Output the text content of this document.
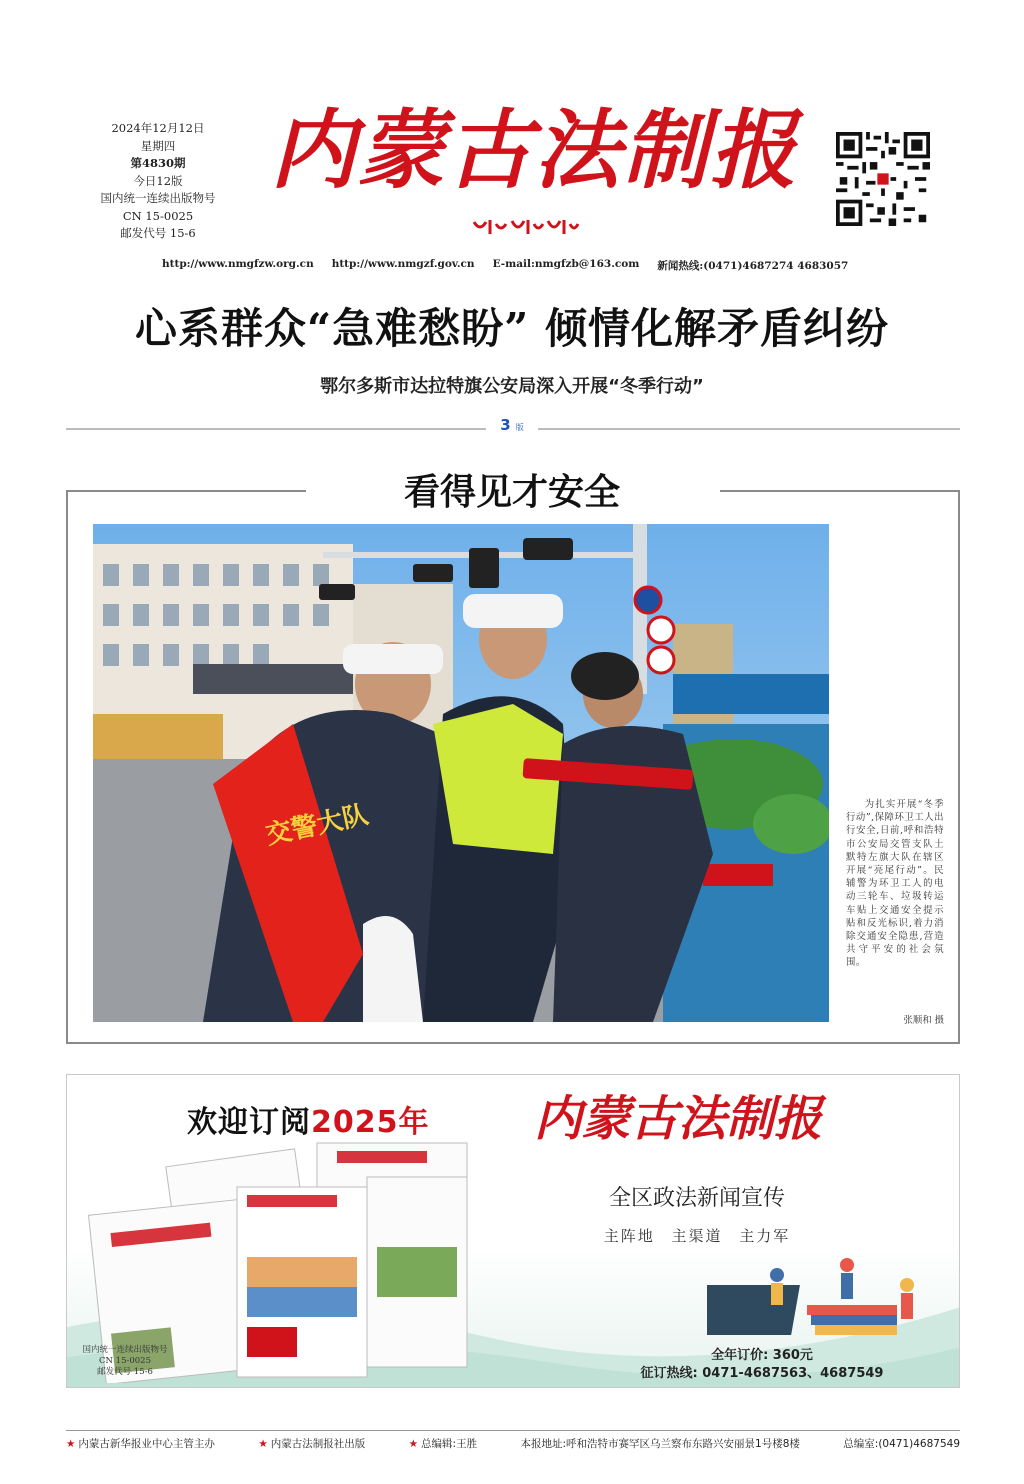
2024年12月12日
星期四
第4830期
今日12版
国内统一连续出版物号
CN 15-0025
邮发代号 15-6
内蒙古法制报
http://www.nmgfzw.org.cn http://www.nmgzf.gov.cn E-mail:nmgfzb@163.com 新闻热线:(0471)4687274 4683057
心系群众“急难愁盼” 倾情化解矛盾纠纷
鄂尔多斯市达拉特旗公安局深入开展“冬季行动”
3 版
看得见才安全
交警大队	为扎实开展“冬季行动”,保障环卫工人出行安全,日前,呼和浩特市公安局交管支队土默特左旗大队在辖区开展“亮尾行动”。民辅警为环卫工人的电动三轮车、垃圾转运车贴上交通安全提示贴和反光标识,着力消除交通安全隐患,营造共守平安的社会氛围。
张顺和 摄
欢迎订阅2025年 内蒙古法制报
全区政法新闻宣传
主阵地 主渠道 主力军
全年订价: 360元
征订热线: 0471-4687563、4687549
国内统一连续出版物号
CN 15-0025
邮发代号 15-6
★ 内蒙古新华报业中心主管主办	★ 内蒙古法制报社出版	★ 总编辑:王胜	本报地址:呼和浩特市赛罕区乌兰察布东路兴安丽景1号楼8楼	总编室:(0471)4687549
